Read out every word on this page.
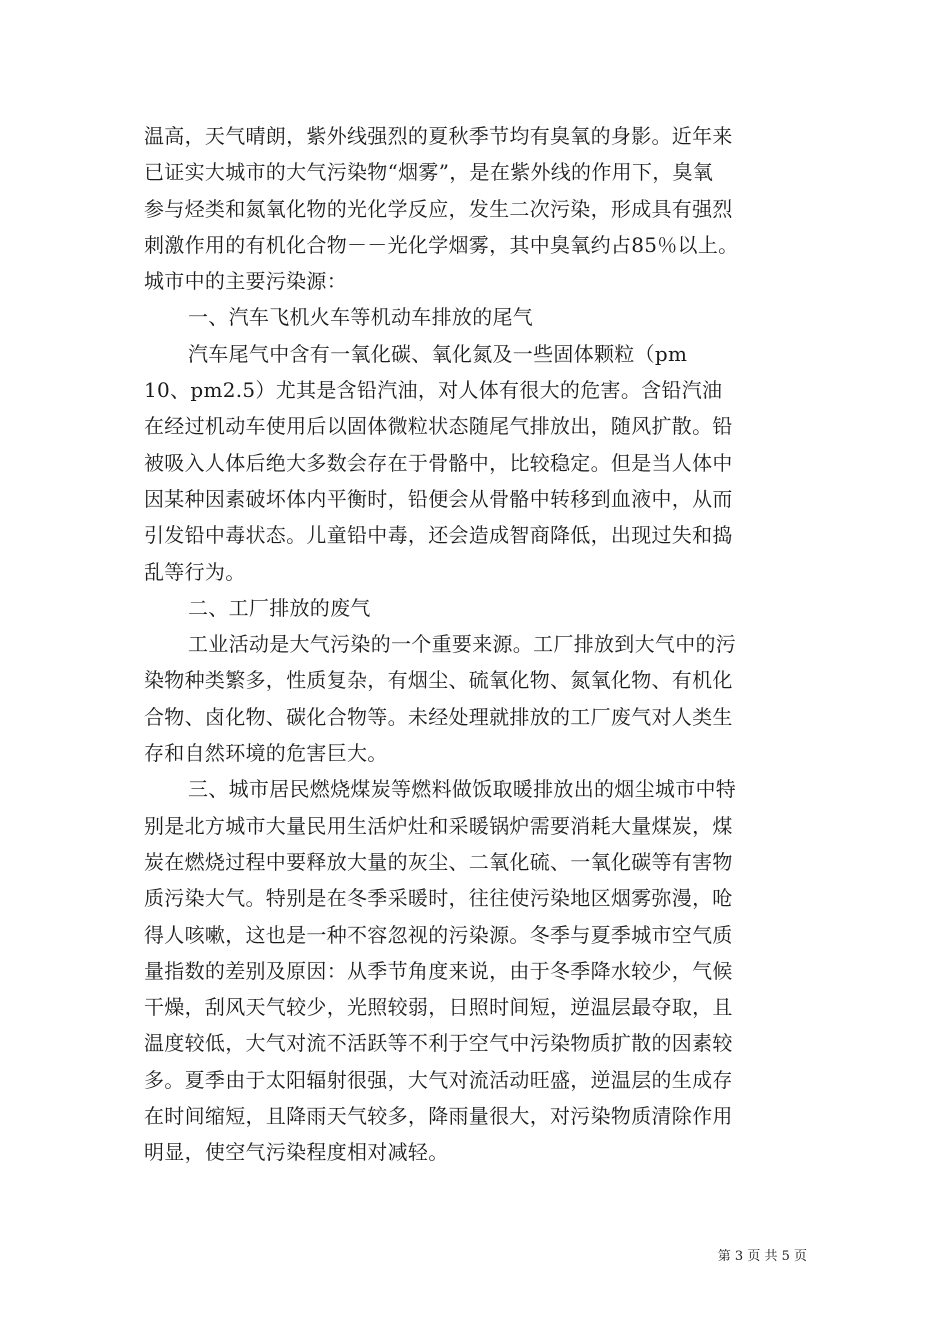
温高，天气晴朗，紫外线强烈的夏秋季节均有臭氧的身影。近年来
已证实大城市的大气污染物“烟雾”，是在紫外线的作用下，臭氧
参与烃类和氮氧化物的光化学反应，发生二次污染，形成具有强烈
刺激作用的有机化合物－－光化学烟雾，其中臭氧约占85％以上。
城市中的主要污染源：
一、汽车飞机火车等机动车排放的尾气
汽车尾气中含有一氧化碳、氧化氮及一些固体颗粒（pm
10、pm2.5）尤其是含铅汽油，对人体有很大的危害。含铅汽油
在经过机动车使用后以固体微粒状态随尾气排放出，随风扩散。铅
被吸入人体后绝大多数会存在于骨骼中，比较稳定。但是当人体中
因某种因素破坏体内平衡时，铅便会从骨骼中转移到血液中，从而
引发铅中毒状态。儿童铅中毒，还会造成智商降低，出现过失和捣
乱等行为。
二、工厂排放的废气
工业活动是大气污染的一个重要来源。工厂排放到大气中的污
染物种类繁多，性质复杂，有烟尘、硫氧化物、氮氧化物、有机化
合物、卤化物、碳化合物等。未经处理就排放的工厂废气对人类生
存和自然环境的危害巨大。
三、城市居民燃烧煤炭等燃料做饭取暖排放出的烟尘城市中特
别是北方城市大量民用生活炉灶和采暖锅炉需要消耗大量煤炭，煤
炭在燃烧过程中要释放大量的灰尘、二氧化硫、一氧化碳等有害物
质污染大气。特别是在冬季采暖时，往往使污染地区烟雾弥漫，呛
得人咳嗽，这也是一种不容忽视的污染源。冬季与夏季城市空气质
量指数的差别及原因：从季节角度来说，由于冬季降水较少，气候
干燥，刮风天气较少，光照较弱，日照时间短，逆温层最夺取，且
温度较低，大气对流不活跃等不利于空气中污染物质扩散的因素较
多。夏季由于太阳辐射很强，大气对流活动旺盛，逆温层的生成存
在时间缩短，且降雨天气较多，降雨量很大，对污染物质清除作用
明显，使空气污染程度相对减轻。
第 3 页 共 5 页
